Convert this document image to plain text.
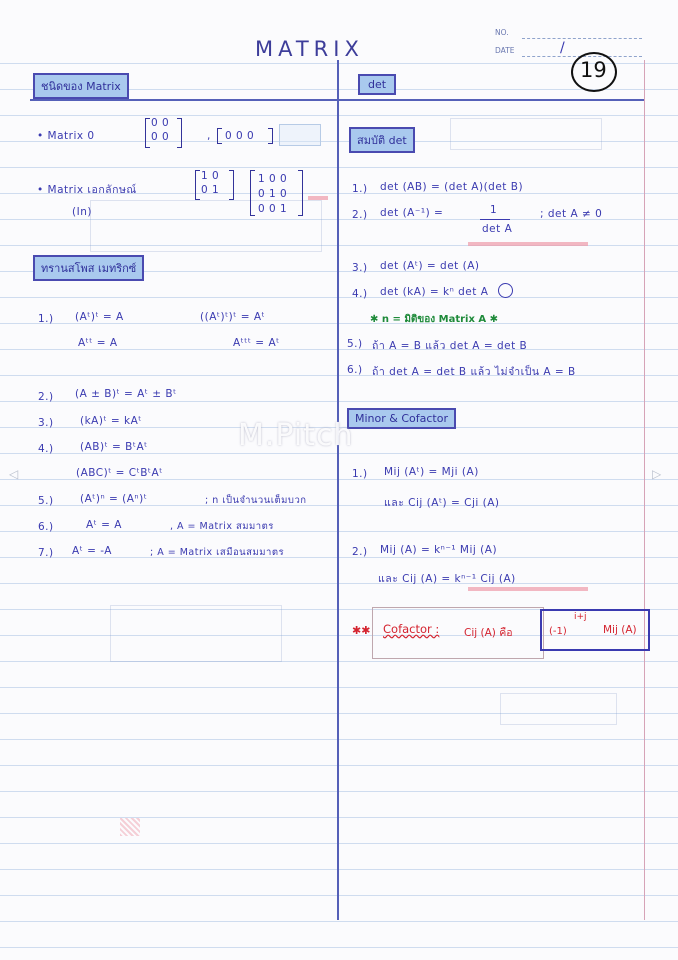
MATRIX
NO.
DATE	/
19
ชนิดของ Matrix
• Matrix 0
0 0
0 0	, 0 0 0
• Matrix เอกลักษณ์
(In)
1 0
0 1
1 0 0
0 1 0
0 0 1
ทรานสโพส เมทริกซ์
1.) (Aᵗ)ᵗ = A	((Aᵗ)ᵗ)ᵗ = Aᵗ
Aᵗᵗ = A	Aᵗᵗᵗ = Aᵗ
2.) (A ± B)ᵗ = Aᵗ ± Bᵗ
3.)	(kA)ᵗ = kAᵗ
4.)	(AB)ᵗ = BᵗAᵗ
(ABC)ᵗ = CᵗBᵗAᵗ
5.)	(Aᵗ)ⁿ = (Aⁿ)ᵗ	; n เป็นจำนวนเต็มบวก
6.)	Aᵗ = A	, A = Matrix สมมาตร
7.) Aᵗ = -A	; A = Matrix เสมือนสมมาตร
det
สมบัติ det
1.) det (AB) = (det A)(det B)
2.) det (A⁻¹) =	1
det A
; det A ≠ 0
3.) det (Aᵗ) = det (A)
4.) det (kA) = kⁿ det A
✱ n = มิติของ Matrix A ✱
5.) ถ้า A = B แล้ว det A = det B
6.) ถ้า det A = det B แล้ว ไม่จำเป็น A = B
Minor & Cofactor
1.) Mij (Aᵗ) = Mji (A)
และ Cij (Aᵗ) = Cji (A)
2.) Mij (A) = kⁿ⁻¹ Mij (A)
และ Cij (A) = kⁿ⁻¹ Cij (A)
✱✱ Cofactor : Cij (A) คือ	(-1)
i+j
Mij (A)
◁	▷
M.Pitch
